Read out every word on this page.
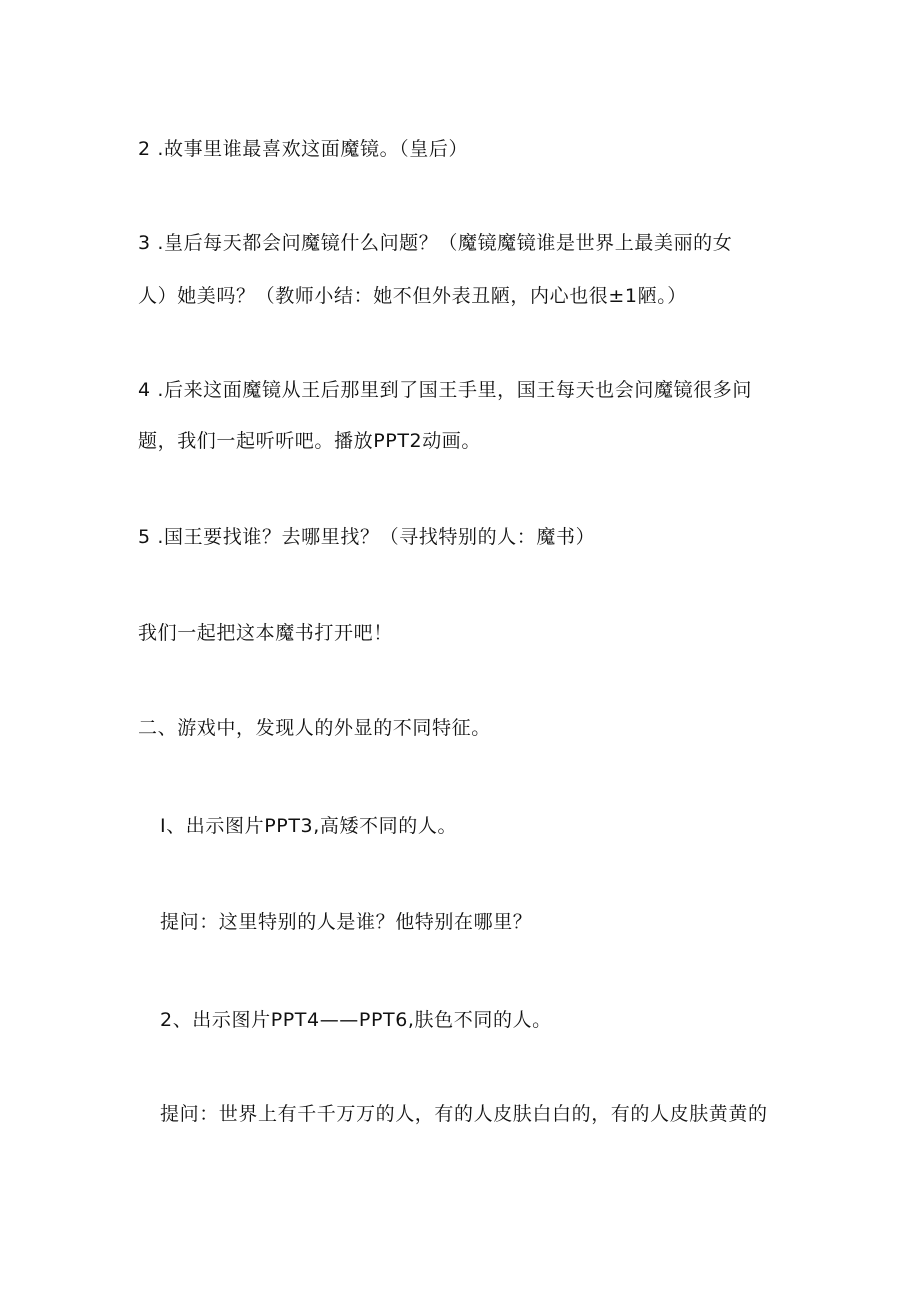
2 .故事里谁最喜欢这面魔镜。（皇后）
3 .皇后每天都会问魔镜什么问题？（魔镜魔镜谁是世界上最美丽的女
人）她美吗？（教师小结：她不但外表丑陋，内心也很±1陋。）
4 .后来这面魔镜从王后那里到了国王手里，国王每天也会问魔镜很多问
题，我们一起听听吧。播放PPT2动画。
5 .国王要找谁？去哪里找？（寻找特别的人：魔书）
我们一起把这本魔书打开吧！
二、游戏中，发现人的外显的不同特征。
I、出示图片PPT3,高矮不同的人。
提问：这里特别的人是谁？他特别在哪里？
2、出示图片PPT4——PPT6,肤色不同的人。
提问：世界上有千千万万的人，有的人皮肤白白的，有的人皮肤黄黄的
